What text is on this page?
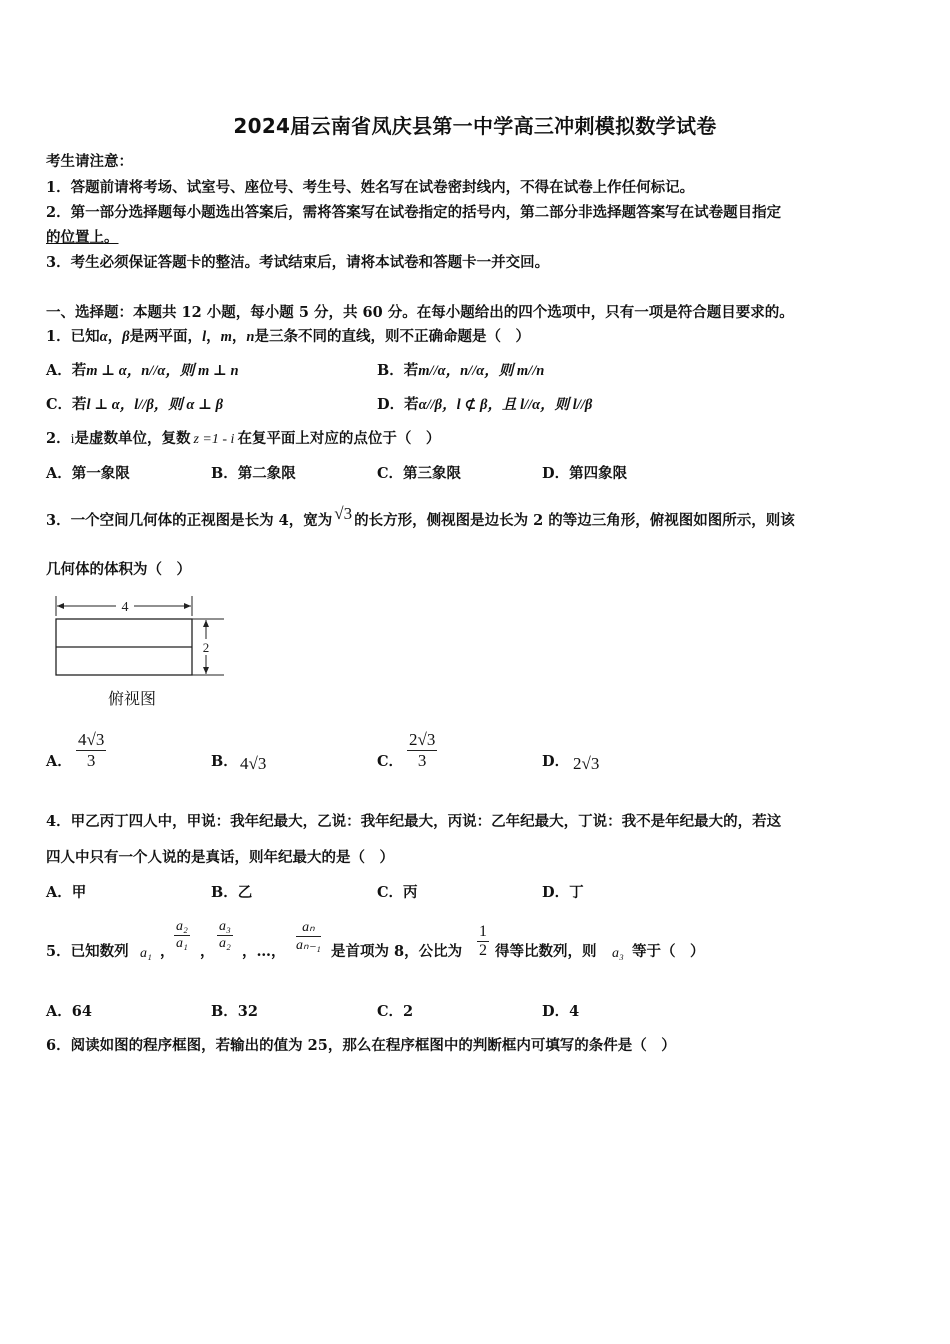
2024届云南省凤庆县第一中学高三冲刺模拟数学试卷
考生请注意：
1．答题前请将考场、试室号、座位号、考生号、姓名写在试卷密封线内，不得在试卷上作任何标记。
2．第一部分选择题每小题选出答案后，需将答案写在试卷指定的括号内，第二部分非选择题答案写在试卷题目指定
的位置上。
3．考生必须保证答题卡的整洁。考试结束后，请将本试卷和答题卡一并交回。
一、选择题：本题共 12 小题，每小题 5 分，共 60 分。在每小题给出的四个选项中，只有一项是符合题目要求的。
1．已知α，β是两平面，l，m，n是三条不同的直线，则不正确命题是（　）
A．若m ⊥ α，n//α，则 m ⊥ n	B．若m//α，n//α，则 m//n
C．若l ⊥ α，l//β，则 α ⊥ β	D．若α//β，l ⊄ β，且 l//α，则 l//β
2．i是虚数单位，复数 z =1 - i 在复平面上对应的点位于（　）
A．第一象限	B．第二象限	C．第三象限	D．第四象限
3．一个空间几何体的正视图是长为 4，宽为 √3 的长方形，侧视图是边长为 2 的等边三角形，俯视图如图所示，则该
几何体的体积为（　）
4
2
俯视图
A． $\frac{4√3}{3}$	B． 4√3	C． $\frac{2√3}{3}$	D． 2√3
4．甲乙丙丁四人中，甲说：我年纪最大，乙说：我年纪最大，丙说：乙年纪最大，丁说：我不是年纪最大的，若这
四人中只有一个人说的是真话，则年纪最大的是（　）
A．甲	B．乙	C．丙	D．丁
5．已知数列 a₁ ， $\frac{\text{a₂}}{\text{a₁}}$ ， $\frac{\text{a₃}}{\text{a₂}}$ ，…， $\frac{\text{aₙ}}{\text{aₙ₋₁}}$ 是首项为 8，公比为 $\frac{1}{2}$ 得等比数列，则 a₃ 等于（　）
A．64	B．32	C．2	D．4
6．阅读如图的程序框图，若输出的值为 25，那么在程序框图中的判断框内可填写的条件是（　）
